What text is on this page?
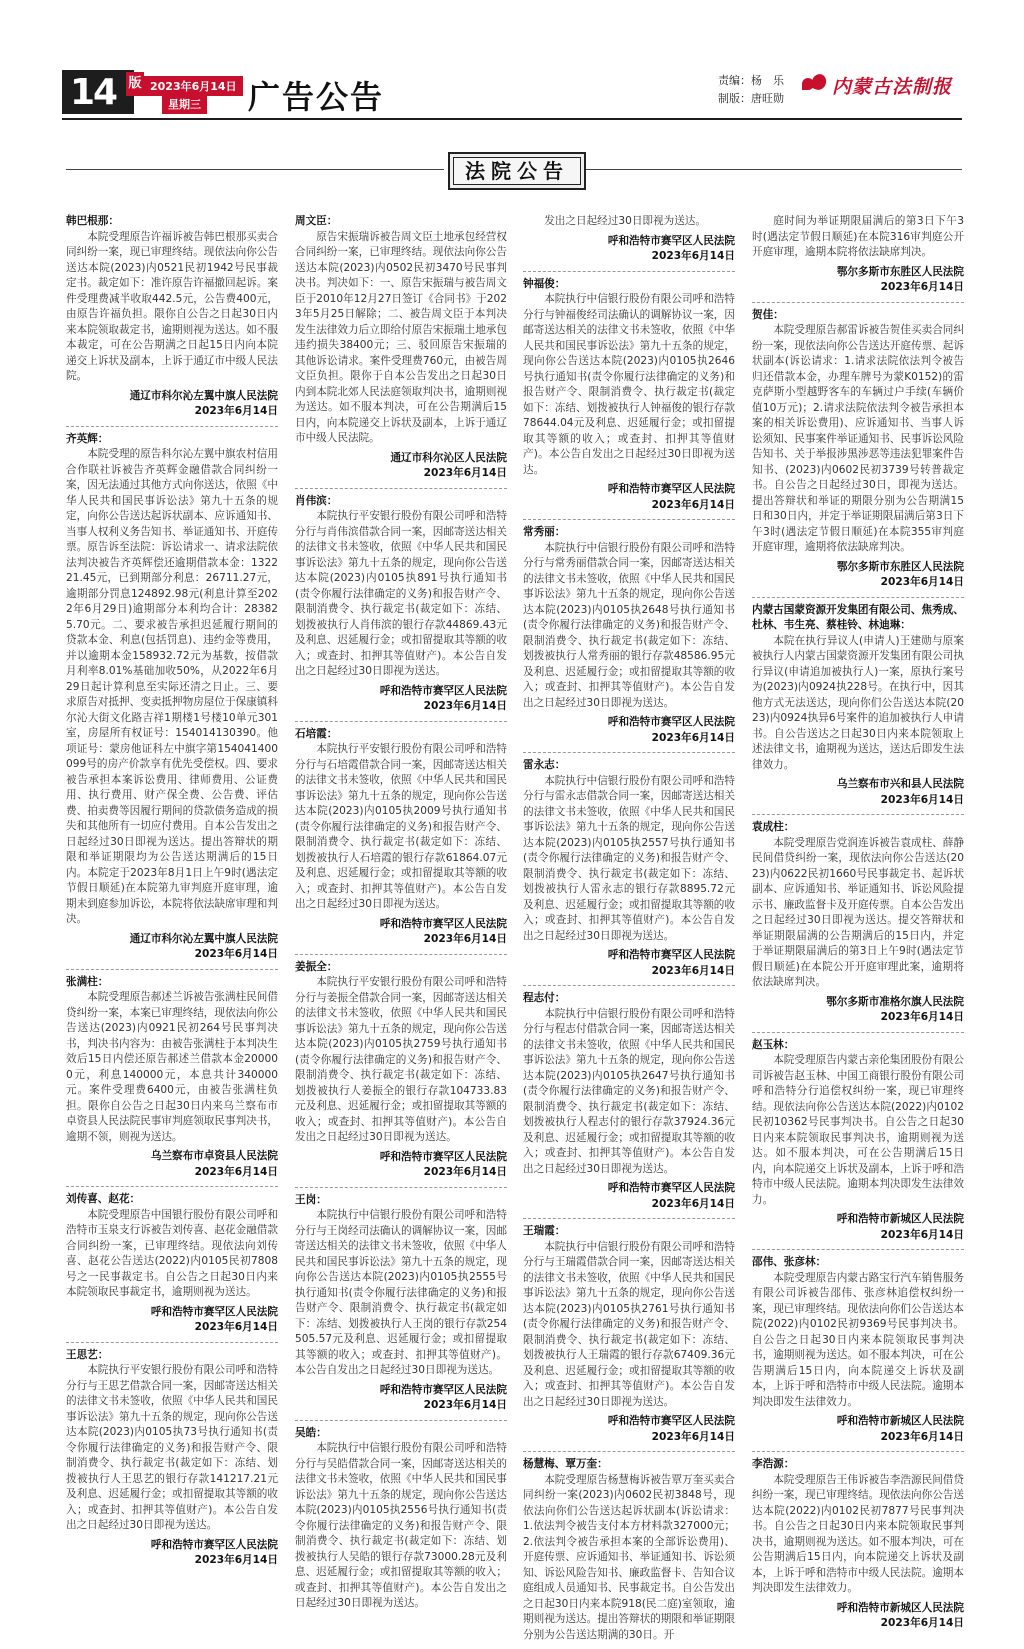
14 版 2023年6月14日
星期三 广告公告	责编：杨　乐
制版：唐旺勋
内蒙古法制报
法院公告

韩巴根那：

本院受理原告许福诉被告韩巴根那买卖合同纠纷一案，现已审理终结。现依法向你公告送达本院(2023)内0521民初1942号民事裁定书。裁定如下：准许原告许福撤回起诉。案件受理费减半收取442.5元，公告费400元，由原告许福负担。限你自公告之日起30日内来本院领取裁定书，逾期则视为送达。如不服本裁定，可在公告期满之日起15日内向本院递交上诉状及副本，上诉于通辽市中级人民法院。

通辽市科尔沁左翼中旗人民法院

2023年6月14日

齐英辉：

本院受理的原告科尔沁左翼中旗农村信用合作联社诉被告齐英辉金融借款合同纠纷一案，因无法通过其他方式向你送达，依照《中华人民共和国民事诉讼法》第九十五条的规定，向你公告送达起诉状副本、应诉通知书、当事人权利义务告知书、举证通知书、开庭传票。原告诉至法院：诉讼请求一、请求法院依法判决被告齐英辉偿还逾期借款本金：132221.45元，已到期部分利息：26711.27元，逾期部分罚息124892.98元(利息计算至2022年6月29日)逾期部分本利均合计：283825.70元。二、要求被告承担迟延履行期间的贷款本金、利息(包括罚息)、违约金等费用，并以逾期本金158932.72元为基数，按借款月利率8.01%基础加收50%，从2022年6月29日起计算利息至实际还清之日止。三、要求原告对抵押、变卖抵押物房屋位于保康镇科尔沁大街文化路吉祥1期楼1号楼10单元301室，房屋所有权证号：154014130390。他项证号：蒙房他证科左中旗字第154041400099号的房产价款享有优先受偿权。四、要求被告承担本案诉讼费用、律师费用、公证费用、执行费用、财产保全费、公告费、评估费、拍卖费等因履行期间的贷款债务造成的损失和其他所有一切应付费用。自本公告发出之日起经过30日即视为送达。提出答辩状的期限和举证期限均为公告送达期满后的15日内。本院定于2023年8月1日上午9时(遇法定节假日顺延)在本院第九审判庭开庭审理，逾期未到庭参加诉讼，本院将依法缺席审理和判决。

通辽市科尔沁左翼中旗人民法院

2023年6月14日

张满柱：

本院受理原告郝述兰诉被告张满柱民间借贷纠纷一案，本案已审理终结，现依法向你公告送达(2023)内0921民初264号民事判决书，判决书内容为：由被告张满柱于本判决生效后15日内偿还原告郝述兰借款本金200000元，利息140000元，本息共计340000元。案件受理费6400元，由被告张满柱负担。限你自公告之日起30日内来乌兰察布市卓资县人民法院民事审判庭领取民事判决书，逾期不领，则视为送达。

乌兰察布市卓资县人民法院

2023年6月14日

刘传喜、赵花：

本院受理原告中国银行股份有限公司呼和浩特市玉泉支行诉被告刘传喜、赵花金融借款合同纠纷一案，已审理终结。现依法向刘传喜、赵花公告送达(2022)内0105民初7808号之一民事裁定书。自公告之日起30日内来本院领取民事裁定书，逾期则视为送达。

呼和浩特市赛罕区人民法院

2023年6月14日

王思艺：

本院执行平安银行股份有限公司呼和浩特分行与王思艺借款合同一案，因邮寄送达相关的法律文书未签收，依照《中华人民共和国民事诉讼法》第九十五条的规定，现向你公告送达本院(2023)内0105执73号执行通知书(责令你履行法律确定的义务)和报告财产令、限制消费令、执行裁定书(裁定如下：冻结、划拨被执行人王思艺的银行存款141217.21元及利息、迟延履行金；或扣留提取其等额的收入；或查封、扣押其等值财产)。本公告自发出之日起经过30日即视为送达。

呼和浩特市赛罕区人民法院

2023年6月14日

周文臣：

原告宋振瑞诉被告周文臣土地承包经营权合同纠纷一案，已审理终结。现依法向你公告送达本院(2023)内0502民初3470号民事判决书。判决如下：一、原告宋振瑞与被告周文臣于2010年12月27日签订《合同书》于2023年5月25日解除；二、被告周文臣于本判决发生法律效力后立即给付原告宋振瑞土地承包违约损失38400元；三、驳回原告宋振瑞的其他诉讼请求。案件受理费760元，由被告周文臣负担。限你于自本公告发出之日起30日内到本院北郊人民法庭领取判决书，逾期则视为送达。如不服本判决，可在公告期满后15日内，向本院递交上诉状及副本，上诉于通辽市中级人民法院。

通辽市科尔沁区人民法院

2023年6月14日

肖伟滨：

本院执行平安银行股份有限公司呼和浩特分行与肖伟滨借款合同一案，因邮寄送达相关的法律文书未签收，依照《中华人民共和国民事诉讼法》第九十五条的规定，现向你公告送达本院(2023)内0105执891号执行通知书(责令你履行法律确定的义务)和报告财产令、限制消费令、执行裁定书(裁定如下：冻结、划拨被执行人肖伟滨的银行存款44869.43元及利息、迟延履行金；或扣留提取其等额的收入；或查封、扣押其等值财产)。本公告自发出之日起经过30日即视为送达。

呼和浩特市赛罕区人民法院

2023年6月14日

石培霞：

本院执行平安银行股份有限公司呼和浩特分行与石培霞借款合同一案，因邮寄送达相关的法律文书未签收，依照《中华人民共和国民事诉讼法》第九十五条的规定，现向你公告送达本院(2023)内0105执2009号执行通知书(责令你履行法律确定的义务)和报告财产令、限制消费令、执行裁定书(裁定如下：冻结、划拨被执行人石培霞的银行存款61864.07元及利息、迟延履行金；或扣留提取其等额的收入；或查封、扣押其等值财产)。本公告自发出之日起经过30日即视为送达。

呼和浩特市赛罕区人民法院

2023年6月14日

姜振全：

本院执行平安银行股份有限公司呼和浩特分行与姜振全借款合同一案，因邮寄送达相关的法律文书未签收，依照《中华人民共和国民事诉讼法》第九十五条的规定，现向你公告送达本院(2023)内0105执2759号执行通知书(责令你履行法律确定的义务)和报告财产令、限制消费令、执行裁定书(裁定如下：冻结、划拨被执行人姜振全的银行存款104733.83元及利息、迟延履行金；或扣留提取其等额的收入；或查封、扣押其等值财产)。本公告自发出之日起经过30日即视为送达。

呼和浩特市赛罕区人民法院

2023年6月14日

王岗：

本院执行中信银行股份有限公司呼和浩特分行与王岗经司法确认的调解协议一案，因邮寄送达相关的法律文书未签收，依照《中华人民共和国民事诉讼法》第九十五条的规定，现向你公告送达本院(2023)内0105执2555号执行通知书(责令你履行法律确定的义务)和报告财产令、限制消费令、执行裁定书(裁定如下：冻结、划拨被执行人王岗的银行存款254505.57元及利息、迟延履行金；或扣留提取其等额的收入；或查封、扣押其等值财产)。本公告自发出之日起经过30日即视为送达。

呼和浩特市赛罕区人民法院

2023年6月14日

吴皓：

本院执行中信银行股份有限公司呼和浩特分行与吴皓借款合同一案，因邮寄送达相关的法律文书未签收，依照《中华人民共和国民事诉讼法》第九十五条的规定，现向你公告送达本院(2023)内0105执2556号执行通知书(责令你履行法律确定的义务)和报告财产令、限制消费令、执行裁定书(裁定如下：冻结、划拨被执行人吴皓的银行存款73000.28元及利息、迟延履行金；或扣留提取其等额的收入；或查封、扣押其等值财产)。本公告自发出之日起经过30日即视为送达。

发出之日起经过30日即视为送达。

呼和浩特市赛罕区人民法院

2023年6月14日

钟福俊：

本院执行中信银行股份有限公司呼和浩特分行与钟福俊经司法确认的调解协议一案，因邮寄送达相关的法律文书未签收，依照《中华人民共和国民事诉讼法》第九十五条的规定，现向你公告送达本院(2023)内0105执2646号执行通知书(责令你履行法律确定的义务)和报告财产令、限制消费令、执行裁定书(裁定如下：冻结、划拨被执行人钟福俊的银行存款78644.04元及利息、迟延履行金；或扣留提取其等额的收入；或查封、扣押其等值财产)。本公告自发出之日起经过30日即视为送达。

呼和浩特市赛罕区人民法院

2023年6月14日

常秀丽：

本院执行中信银行股份有限公司呼和浩特分行与常秀丽借款合同一案，因邮寄送达相关的法律文书未签收，依照《中华人民共和国民事诉讼法》第九十五条的规定，现向你公告送达本院(2023)内0105执2648号执行通知书(责令你履行法律确定的义务)和报告财产令、限制消费令、执行裁定书(裁定如下：冻结、划拨被执行人常秀丽的银行存款48586.95元及利息、迟延履行金；或扣留提取其等额的收入；或查封、扣押其等值财产)。本公告自发出之日起经过30日即视为送达。

呼和浩特市赛罕区人民法院

2023年6月14日

雷永志：

本院执行中信银行股份有限公司呼和浩特分行与雷永志借款合同一案，因邮寄送达相关的法律文书未签收，依照《中华人民共和国民事诉讼法》第九十五条的规定，现向你公告送达本院(2023)内0105执2557号执行通知书(责令你履行法律确定的义务)和报告财产令、限制消费令、执行裁定书(裁定如下：冻结、划拨被执行人雷永志的银行存款8895.72元及利息、迟延履行金；或扣留提取其等额的收入；或查封、扣押其等值财产)。本公告自发出之日起经过30日即视为送达。

呼和浩特市赛罕区人民法院

2023年6月14日

程志付：

本院执行中信银行股份有限公司呼和浩特分行与程志付借款合同一案，因邮寄送达相关的法律文书未签收，依照《中华人民共和国民事诉讼法》第九十五条的规定，现向你公告送达本院(2023)内0105执2647号执行通知书(责令你履行法律确定的义务)和报告财产令、限制消费令、执行裁定书(裁定如下：冻结、划拨被执行人程志付的银行存款37924.36元及利息、迟延履行金；或扣留提取其等额的收入；或查封、扣押其等值财产)。本公告自发出之日起经过30日即视为送达。

呼和浩特市赛罕区人民法院

2023年6月14日

王瑞霞：

本院执行中信银行股份有限公司呼和浩特分行与王瑞霞借款合同一案，因邮寄送达相关的法律文书未签收，依照《中华人民共和国民事诉讼法》第九十五条的规定，现向你公告送达本院(2023)内0105执2761号执行通知书(责令你履行法律确定的义务)和报告财产令、限制消费令、执行裁定书(裁定如下：冻结、划拨被执行人王瑞霞的银行存款67409.36元及利息、迟延履行金；或扣留提取其等额的收入；或查封、扣押其等值财产)。本公告自发出之日起经过30日即视为送达。

呼和浩特市赛罕区人民法院

2023年6月14日

杨慧梅、覃万奎：

本院受理原告杨慧梅诉被告覃万奎买卖合同纠纷一案(2023)内0602民初3848号，现依法向你们公告送达起诉状副本(诉讼请求：1.依法判令被告支付本方材料款327000元；2.依法判令被告承担本案的全部诉讼费用)、开庭传票、应诉通知书、举证通知书、诉讼须知、诉讼风险告知书、廉政监督卡、告知合议庭组成人员通知书、民事裁定书。自公告发出之日起30日内来本院918(民二庭)室领取，逾期则视为送达。提出答辩状的期限和举证期限分别为公告送达期满的30日。开

庭时间为举证期限届满后的第3日下午3时(遇法定节假日顺延)在本院316审判庭公开开庭审理，逾期本院将依法缺席判决。

鄂尔多斯市东胜区人民法院

2023年6月14日

贺佳：

本院受理原告郝雷诉被告贺佳买卖合同纠纷一案，现依法向你公告送达开庭传票、起诉状副本(诉讼请求：1.请求法院依法判令被告归还借款本金，办理车牌号为蒙K0152)的雷克萨斯小型越野客车的车辆过户手续(车辆价值10万元)；2.请求法院依法判令被告承担本案的相关诉讼费用)、应诉通知书、当事人诉讼须知、民事案件举证通知书、民事诉讼风险告知书、关于举报涉黑涉恶等违法犯罪案件告知书、(2023)内0602民初3739号转普裁定书。自公告之日起经过30日，即视为送达。提出答辩状和举证的期限分别为公告期满15日和30日内，并定于举证期限届满后第3日下午3时(遇法定节假日顺延)在本院355审判庭开庭审理，逾期将依法缺席判决。

鄂尔多斯市东胜区人民法院

2023年6月14日

内蒙古国蒙资源开发集团有限公司、焦秀成、杜林、韦生亮、蔡桂铃、林迪琳：

本院在执行异议人(申请人)王建勋与原案被执行人内蒙古国蒙资源开发集团有限公司执行异议(申请追加被执行人)一案，原执行案号为(2023)内0924执228号。在执行中，因其他方式无法送达，现向你们公告送达本院(2023)内0924执异6号案件的追加被执行人申请书。自公告送达之日起30日内来本院领取上述法律文书，逾期视为送达，送达后即发生法律效力。

乌兰察布市兴和县人民法院

2023年6月14日

袁成柱：

本院受理原告党润连诉被告袁成柱、薛静民间借贷纠纷一案，现依法向你公告送达(2023)内0622民初1660号民事裁定书、起诉状副本、应诉通知书、举证通知书、诉讼风险提示书、廉政监督卡及开庭传票。自本公告发出之日起经过30日即视为送达。提交答辩状和举证期限届满的公告期满后的15日内，并定于举证期限届满后的第3日上午9时(遇法定节假日顺延)在本院公开开庭审理此案，逾期将依法缺席判决。

鄂尔多斯市准格尔旗人民法院

2023年6月14日

赵玉林：

本院受理原告内蒙古亲伦集团股份有限公司诉被告赵玉林、中国工商银行股份有限公司呼和浩特分行追偿权纠纷一案，现已审理终结。现依法向你公告送达本院(2022)内0102民初10362号民事判决书。自公告之日起30日内来本院领取民事判决书，逾期则视为送达。如不服本判决，可在公告期满后15日内，向本院递交上诉状及副本，上诉于呼和浩特市中级人民法院。逾期本判决即发生法律效力。

呼和浩特市新城区人民法院

2023年6月14日

邵伟、张彦林：

本院受理原告内蒙古路宝行汽车销售服务有限公司诉被告邵伟、张彦林追偿权纠纷一案，现已审理终结。现依法向你们公告送达本院(2022)内0102民初9369号民事判决书。自公告之日起30日内来本院领取民事判决书，逾期则视为送达。如不服本判决，可在公告期满后15日内，向本院递交上诉状及副本，上诉于呼和浩特市中级人民法院。逾期本判决即发生法律效力。

呼和浩特市新城区人民法院

2023年6月14日

李浩源：

本院受理原告王伟诉被告李浩源民间借贷纠纷一案，现已审理终结。现依法向你公告送达本院(2022)内0102民初7877号民事判决书。自公告之日起30日内来本院领取民事判决书，逾期则视为送达。如不服本判决，可在公告期满后15日内，向本院递交上诉状及副本，上诉于呼和浩特市中级人民法院。逾期本判决即发生法律效力。

呼和浩特市新城区人民法院

2023年6月14日
